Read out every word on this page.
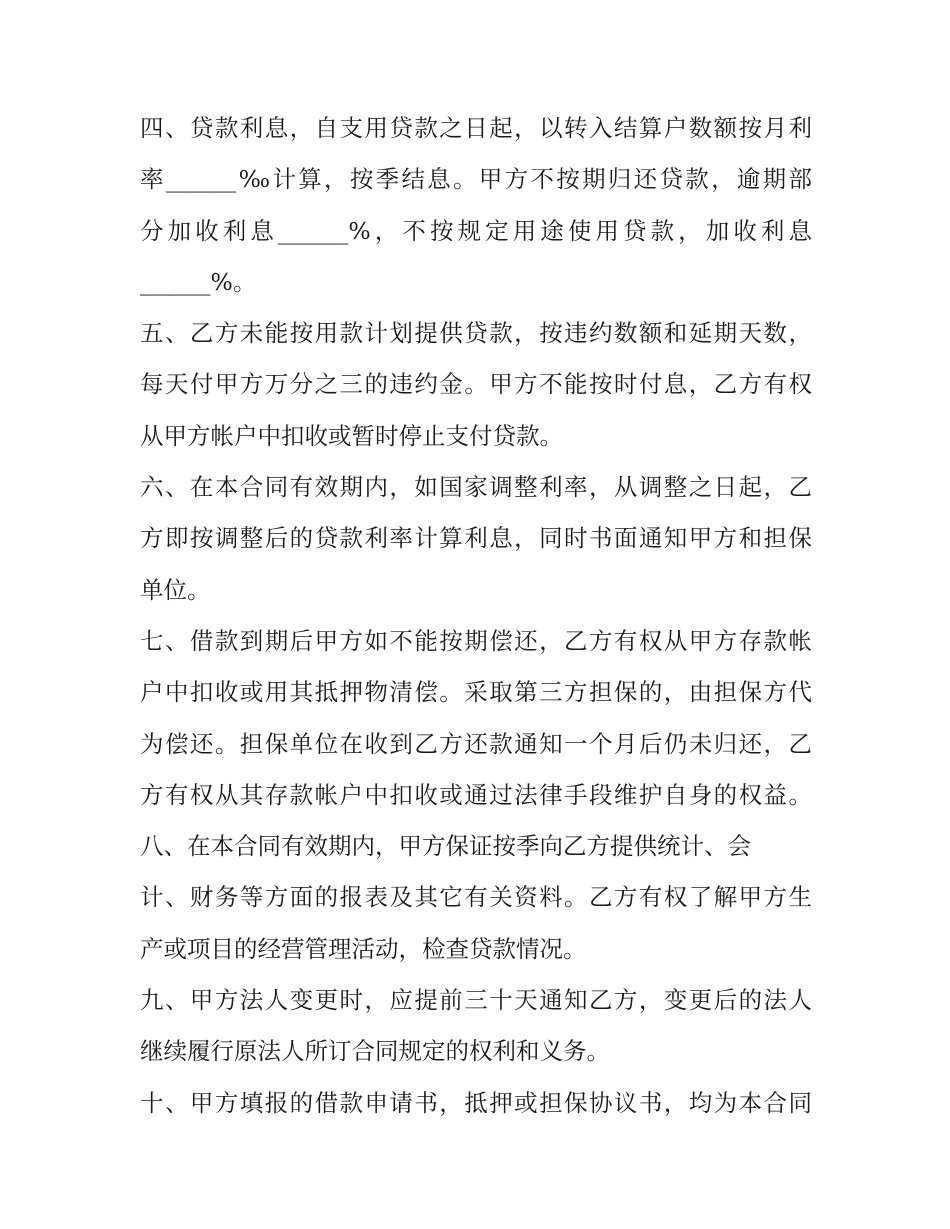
四、贷款利息，自支用贷款之日起，以转入结算户数额按月利
率______‰计算，按季结息。甲方不按期归还贷款，逾期部
分加收利息______%，不按规定用途使用贷款，加收利息
______%。
五、乙方未能按用款计划提供贷款，按违约数额和延期天数，
每天付甲方万分之三的违约金。甲方不能按时付息，乙方有权
从甲方帐户中扣收或暂时停止支付贷款。
六、在本合同有效期内，如国家调整利率，从调整之日起，乙
方即按调整后的贷款利率计算利息，同时书面通知甲方和担保
单位。
七、借款到期后甲方如不能按期偿还，乙方有权从甲方存款帐
户中扣收或用其抵押物清偿。采取第三方担保的，由担保方代
为偿还。担保单位在收到乙方还款通知一个月后仍未归还，乙
方有权从其存款帐户中扣收或通过法律手段维护自身的权益。
八、在本合同有效期内，甲方保证按季向乙方提供统计、会
计、财务等方面的报表及其它有关资料。乙方有权了解甲方生
产或项目的经营管理活动，检查贷款情况。
九、甲方法人变更时，应提前三十天通知乙方，变更后的法人
继续履行原法人所订合同规定的权利和义务。
十、甲方填报的借款申请书，抵押或担保协议书，均为本合同
